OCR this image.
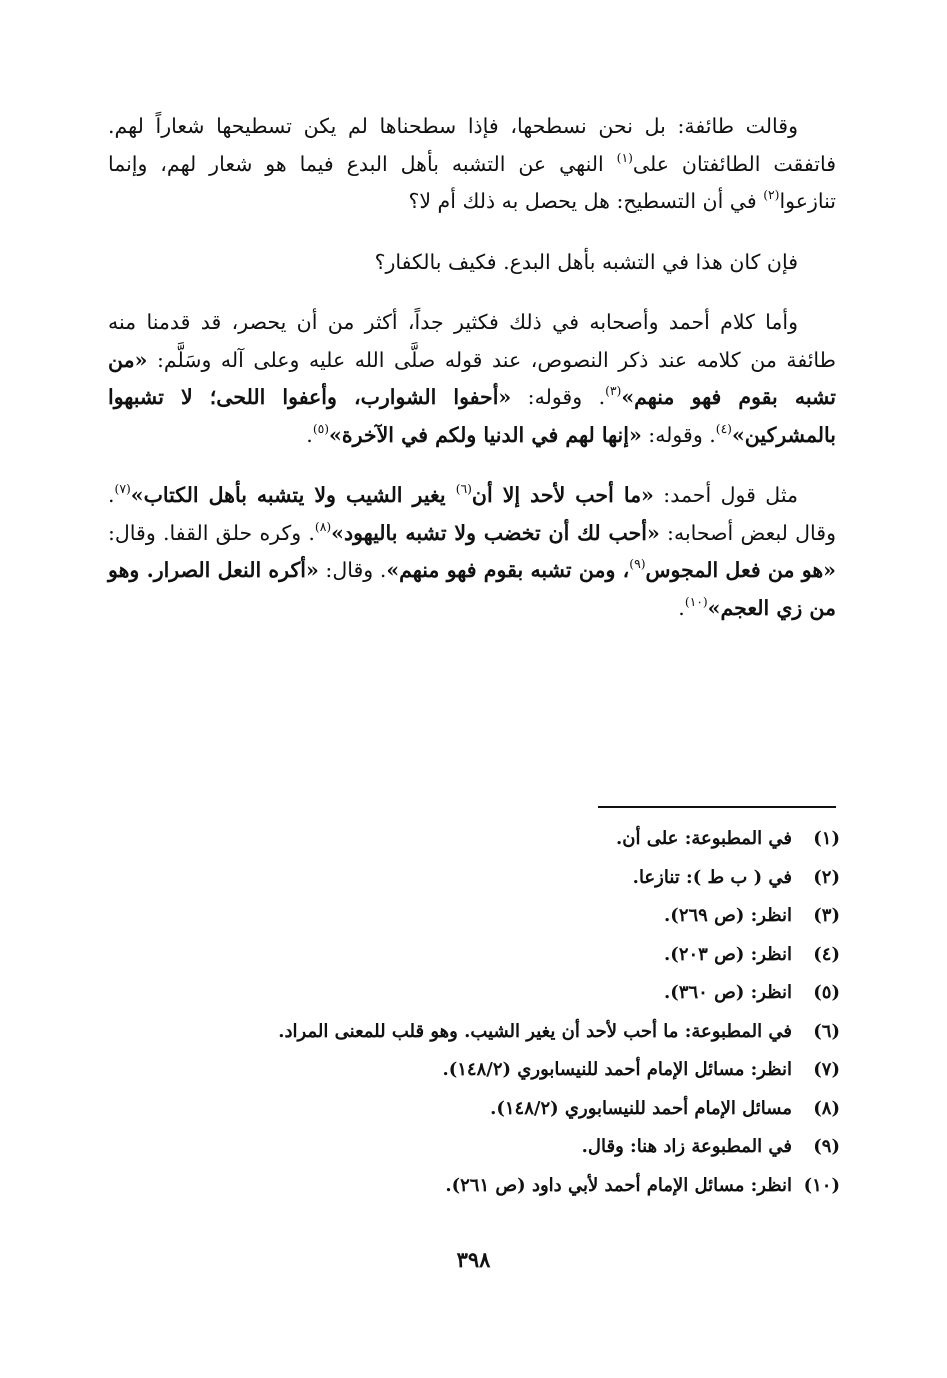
وقالت طائفة: بل نحن نسطحها، فإذا سطحناها لم يكن تسطيحها شعاراً لهم. فاتفقت الطائفتان على$^{(١)}$ النهي عن التشبه بأهل البدع فيما هو شعار لهم، وإنما تنازعوا$^{(٢)}$ في أن التسطيح: هل يحصل به ذلك أم لا؟

فإن كان هذا في التشبه بأهل البدع. فكيف بالكفار؟

وأما كلام أحمد وأصحابه في ذلك فكثير جداً، أكثر من أن يحصر، قد قدمنا منه طائفة من كلامه عند ذكر النصوص، عند قوله صلَّى الله عليه وعلى آله وسَلَّم: «من تشبه بقوم فهو منهم»$^{(٣)}$. وقوله: «أحفوا الشوارب، وأعفوا اللحى؛ لا تشبهوا بالمشركين»$^{(٤)}$. وقوله: «إنها لهم في الدنيا ولكم في الآخرة»$^{(٥)}$.

مثل قول أحمد: «ما أحب لأحد إلا أن$^{(٦)}$ يغير الشيب ولا يتشبه بأهل الكتاب»$^{(٧)}$. وقال لبعض أصحابه: «أحب لك أن تخضب ولا تشبه باليهود»$^{(٨)}$. وكره حلق القفا. وقال: «هو من فعل المجوس$^{(٩)}$، ومن تشبه بقوم فهو منهم». وقال: «أكره النعل الصرار. وهو من زي العجم»$^{(١٠)}$.

(١)
في المطبوعة: على أن.
(٢)
في ( ب ط ): تنازعا.
(٣)
انظر: (ص ٢٦٩).
(٤)
انظر: (ص ٢٠٣).
(٥)
انظر: (ص ٣٦٠).
(٦)
في المطبوعة: ما أحب لأحد أن يغير الشيب. وهو قلب للمعنى المراد.
(٧)
انظر: مسائل الإمام أحمد للنيسابوري (١٤٨/٢).
(٨)
مسائل الإمام أحمد للنيسابوري (١٤٨/٢).
(٩)
في المطبوعة زاد هنا: وقال.
(١٠)
انظر: مسائل الإمام أحمد لأبي داود (ص ٢٦١).
٣٩٨
